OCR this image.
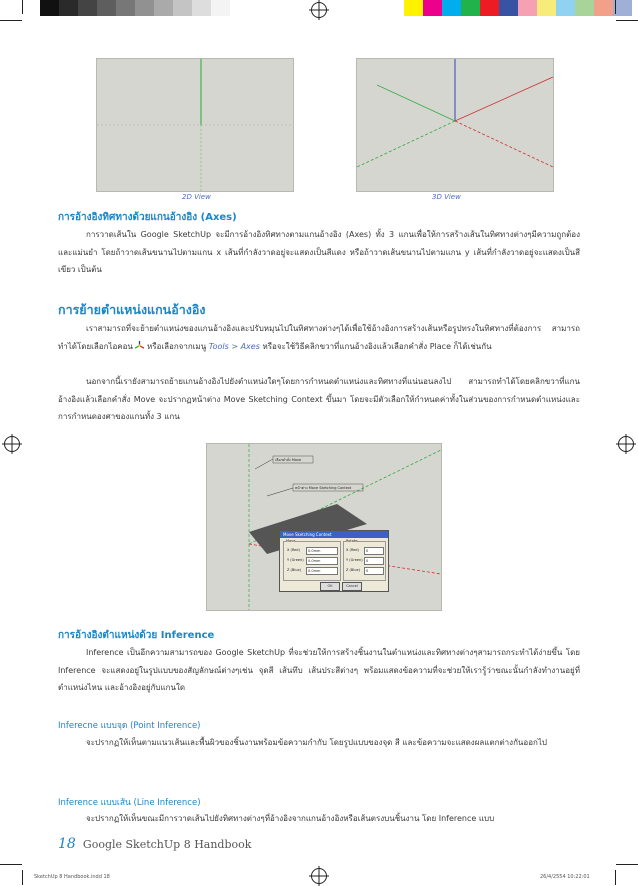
2D View	3D View
การอ้างอิงทิศทางด้วยแกนอ้างอิง (Axes)
การวาดเส้นใน Google SketchUp จะมีการอ้างอิงทิศทางตามแกนอ้างอิง (Axes) ทั้ง 3 แกนเพื่อให้การสร้างเส้นในทิศทางต่างๆมีความถูกต้องและแม่นยำ โดยถ้าวาดเส้นขนานไปตามแกน x เส้นที่กำลังวาดอยู่จะแสดงเป็นสีแดง หรือถ้าวาดเส้นขนานไปตามแกน y เส้นที่กำลังวาดอยู่จะแสดงเป็นสีเขียว เป็นต้น
การย้ายตำแหน่งแกนอ้างอิง
เราสามารถที่จะย้ายตำแหน่งของแกนอ้างอิงและปรับหมุนไปในทิศทางต่างๆได้เพื่อใช้อ้างอิงการสร้างเส้นหรือรูปทรงในทิศทางที่ต้องการ สามารถทำได้โดยเลือกไอคอน หรือเลือกจากเมนู Tools > Axes หรือจะใช้วิธีคลิกขวาที่แกนอ้างอิงแล้วเลือกคำสั่ง Place ก็ได้เช่นกัน
นอกจากนี้เรายังสามารถย้ายแกนอ้างอิงไปยังตำแหน่งใดๆโดยการกำหนดตำแหน่งและทิศทางที่แน่นอนลงไป สามารถทำได้โดยคลิกขวาที่แกนอ้างอิงแล้วเลือกคำสั่ง Move จะปรากฏหน้าต่าง Move Sketching Context ขึ้นมา โดยจะมีตัวเลือกให้กำหนดค่าทั้งในส่วนของการกำหนดตำแหน่งและการกำหนดองศาของแกนทั้ง 3 แกน
เลือกคำสั่ง Move
หน้าต่าง Move Sketching Context
Move Sketching Context
Move
X (Red) 0.0mm
Y (Green) 0.0mm
Z (Blue) 0.0mm
Rotate
X (Red) 0
Y (Green) 0
Z (Blue) 0
OK	Cancel
การอ้างอิงตำแหน่งด้วย Inference
Inference เป็นอีกความสามารถของ Google SketchUp ที่จะช่วยให้การสร้างชิ้นงานในตำแหน่งและทิศทางต่างๆสามารถกระทำได้ง่ายขึ้น โดย Inference จะแสดงอยู่ในรูปแบบของสัญลักษณ์ต่างๆเช่น จุดสี เส้นทึบ เส้นประสีต่างๆ พร้อมแสดงข้อความที่จะช่วยให้เรารู้ว่าขณะนั้นกำลังทำงานอยู่ที่ตำแหน่งไหน และอ้างอิงอยู่กับแกนใด
Inferecne แบบจุด (Point Inference)
จะปรากฏให้เห็นตามแนวเส้นและพื้นผิวของชิ้นงานพร้อมข้อความกำกับ โดยรูปแบบของจุด สี และข้อความจะแสดงผลแตกต่างกันออกไป
Inference แบบเส้น (Line Inference)
จะปรากฏให้เห็นขณะมีการวาดเส้นไปยังทิศทางต่างๆที่อ้างอิงจากแกนอ้างอิงหรือเส้นตรงบนชิ้นงาน โดย Inference แบบ
18 Google SketchUp 8 Handbook
SketchUp 8 Handbook.indd 18	26/4/2554 10:22:01
